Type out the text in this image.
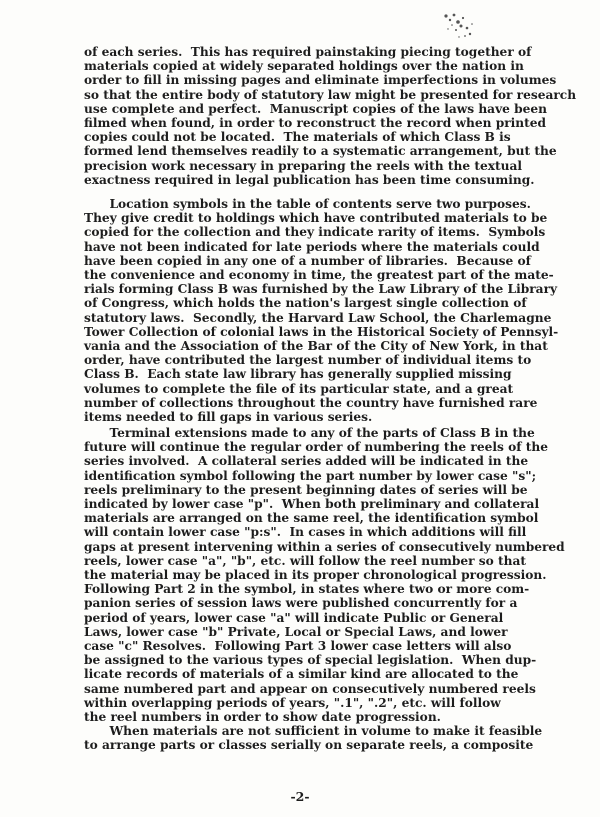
of each series.  This has required painstaking piecing together of
materials copied at widely separated holdings over the nation in
order to fill in missing pages and eliminate imperfections in volumes
so that the entire body of statutory law might be presented for research
use complete and perfect.  Manuscript copies of the laws have been
filmed when found, in order to reconstruct the record when printed
copies could not be located.  The materials of which Class B is
formed lend themselves readily to a systematic arrangement, but the
precision work necessary in preparing the reels with the textual
exactness required in legal publication has been time consuming.
Location symbols in the table of contents serve two purposes.
They give credit to holdings which have contributed materials to be
copied for the collection and they indicate rarity of items.  Symbols
have not been indicated for late periods where the materials could
have been copied in any one of a number of libraries.  Because of
the convenience and economy in time, the greatest part of the mate-
rials forming Class B was furnished by the Law Library of the Library
of Congress, which holds the nation's largest single collection of
statutory laws.  Secondly, the Harvard Law School, the Charlemagne
Tower Collection of colonial laws in the Historical Society of Pennsyl-
vania and the Association of the Bar of the City of New York, in that
order, have contributed the largest number of individual items to
Class B.  Each state law library has generally supplied missing
volumes to complete the file of its particular state, and a great
number of collections throughout the country have furnished rare
items needed to fill gaps in various series.
Terminal extensions made to any of the parts of Class B in the
future will continue the regular order of numbering the reels of the
series involved.  A collateral series added will be indicated in the
identification symbol following the part number by lower case "s";
reels preliminary to the present beginning dates of series will be
indicated by lower case "p".  When both preliminary and collateral
materials are arranged on the same reel, the identification symbol
will contain lower case "p:s".  In cases in which additions will fill
gaps at present intervening within a series of consecutively numbered
reels, lower case "a", "b", etc. will follow the reel number so that
the material may be placed in its proper chronological progression.
Following Part 2 in the symbol, in states where two or more com-
panion series of session laws were published concurrently for a
period of years, lower case "a" will indicate Public or General
Laws, lower case "b" Private, Local or Special Laws, and lower
case "c" Resolves.  Following Part 3 lower case letters will also
be assigned to the various types of special legislation.  When dup-
licate records of materials of a similar kind are allocated to the
same numbered part and appear on consecutively numbered reels
within overlapping periods of years, ".1", ".2", etc. will follow
the reel numbers in order to show date progression.
When materials are not sufficient in volume to make it feasible
to arrange parts or classes serially on separate reels, a composite
-2-
